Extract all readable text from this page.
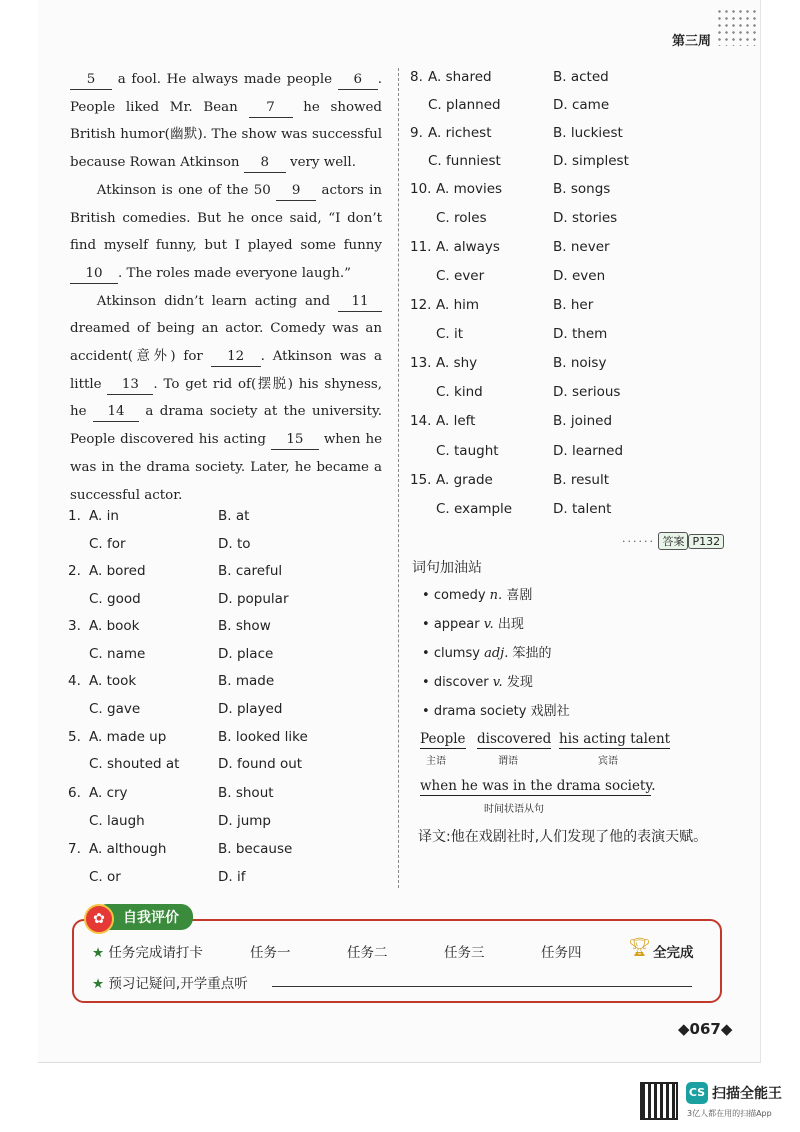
第三周

5 a fool. He always made people 6 . People liked Mr. Bean 7 he showed British humor(幽默). The show was successful because Rowan Atkinson 8 very well.

Atkinson is one of the 50 9 actors in British comedies. But he once said, “I don’t find myself funny, but I played some funny 10 . The roles made everyone laugh.”

Atkinson didn’t learn acting and 11 dreamed of being an actor. Comedy was an accident(意外) for 12 . Atkinson was a little 13 . To get rid of(摆脱) his shyness, he 14 a drama society at the university. People discovered his acting 15 when he was in the drama society. Later, he became a successful actor.

1. A. in	B. at
C. for	D. to
2. A. bored	B. careful
C. good	D. popular
3. A. book	B. show
C. name	D. place
4. A. took	B. made
C. gave	D. played
5. A. made up	B. looked like
C. shouted at	D. found out
6. A. cry	B. shout
C. laugh	D. jump
7. A. although	B. because
C. or	D. if
8. A. shared	B. acted
C. planned	D. came
9. A. richest	B. luckiest
C. funniest	D. simplest
10. A. movies	B. songs
C. roles	D. stories
11. A. always	B. never
C. ever	D. even
12. A. him	B. her
C. it	D. them
13. A. shy	B. noisy
C. kind	D. serious
14. A. left	B. joined
C. taught	D. learned
15. A. grade	B. result
C. example	D. talent
······ 答案 P132
词句加油站
• comedy n. 喜剧
• appear v. 出现
• clumsy adj. 笨拙的
• discover v. 发现
• drama society 戏剧社
People
主语
discovered
谓语
his acting talent
宾语
when he was in the drama society.
时间状语从句
译文:他在戏剧社时,人们发现了他的表演天赋。
自我评价
✿
★ 任务完成请打卡	任务一	任务二	任务三	任务四	🏆︎ 全完成
★ 预习记疑问,开学重点听
◆067◆
CS 扫描全能王
3亿人都在用的扫描App
